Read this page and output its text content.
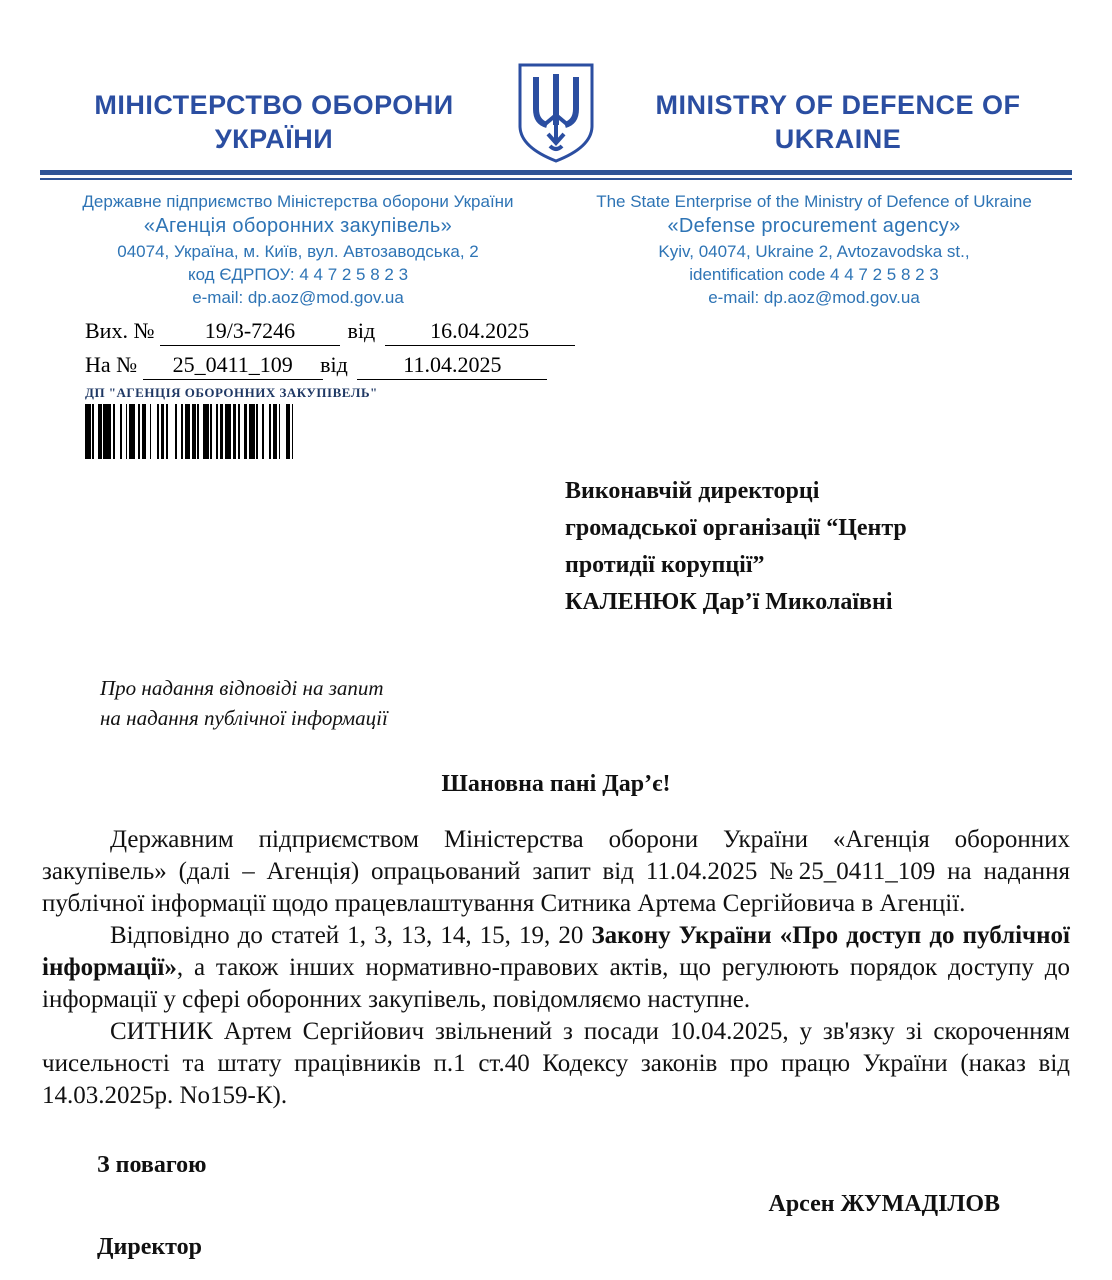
МІНІСТЕРСТВО ОБОРОНИ
УКРАЇНИ
MINISTRY OF DEFENCE OF
UKRAINE
Державне підприємство Міністерства оборони України
«Агенція оборонних закупівель»
04074, Україна, м. Київ, вул. Автозаводська, 2
код ЄДРПОУ: 4 4 7 2 5 8 2 3
e-mail: dp.aoz@mod.gov.ua
The State Enterprise of the Ministry of Defence of Ukraine
«Defense procurement agency»
Kyiv, 04074, Ukraine 2, Avtozavodska st.,
identification code 4 4 7 2 5 8 2 3
e-mail: dp.aoz@mod.gov.ua
Вих. № 19/3-7246 від	16.04.2025
На № 25_0411_109 від	11.04.2025
ДП "АГЕНЦІЯ ОБОРОННИХ ЗАКУПІВЕЛЬ"
Виконавчій директорці
громадської організації “Центр
протидії корупції”
КАЛЕНЮК Дар’ї Миколаївні
Про надання відповіді на запит
на надання публічної інформації
Шановна пані Дар’є!

Державним підприємством Міністерства оборони України «Агенція оборонних закупівель» (далі – Агенція) опрацьований запит від 11.04.2025 №25_0411_109 на надання публічної інформації щодо працевлаштування Ситника Артема Сергійовича в Агенції.

Відповідно до статей 1, 3, 13, 14, 15, 19, 20 Закону України «Про доступ до публічної інформації», а також інших нормативно-правових актів, що регулюють порядок доступу до інформації у сфері оборонних закупівель, повідомляємо наступне.

СИТНИК Артем Сергійович звільнений з посади 10.04.2025, у зв'язку зі скороченням чисельності та штату працівників п.1 ст.40 Кодексу законів про працю України (наказ від 14.03.2025р. No159-К).

З повагою
Арсен ЖУМАДІЛОВ
Директор
